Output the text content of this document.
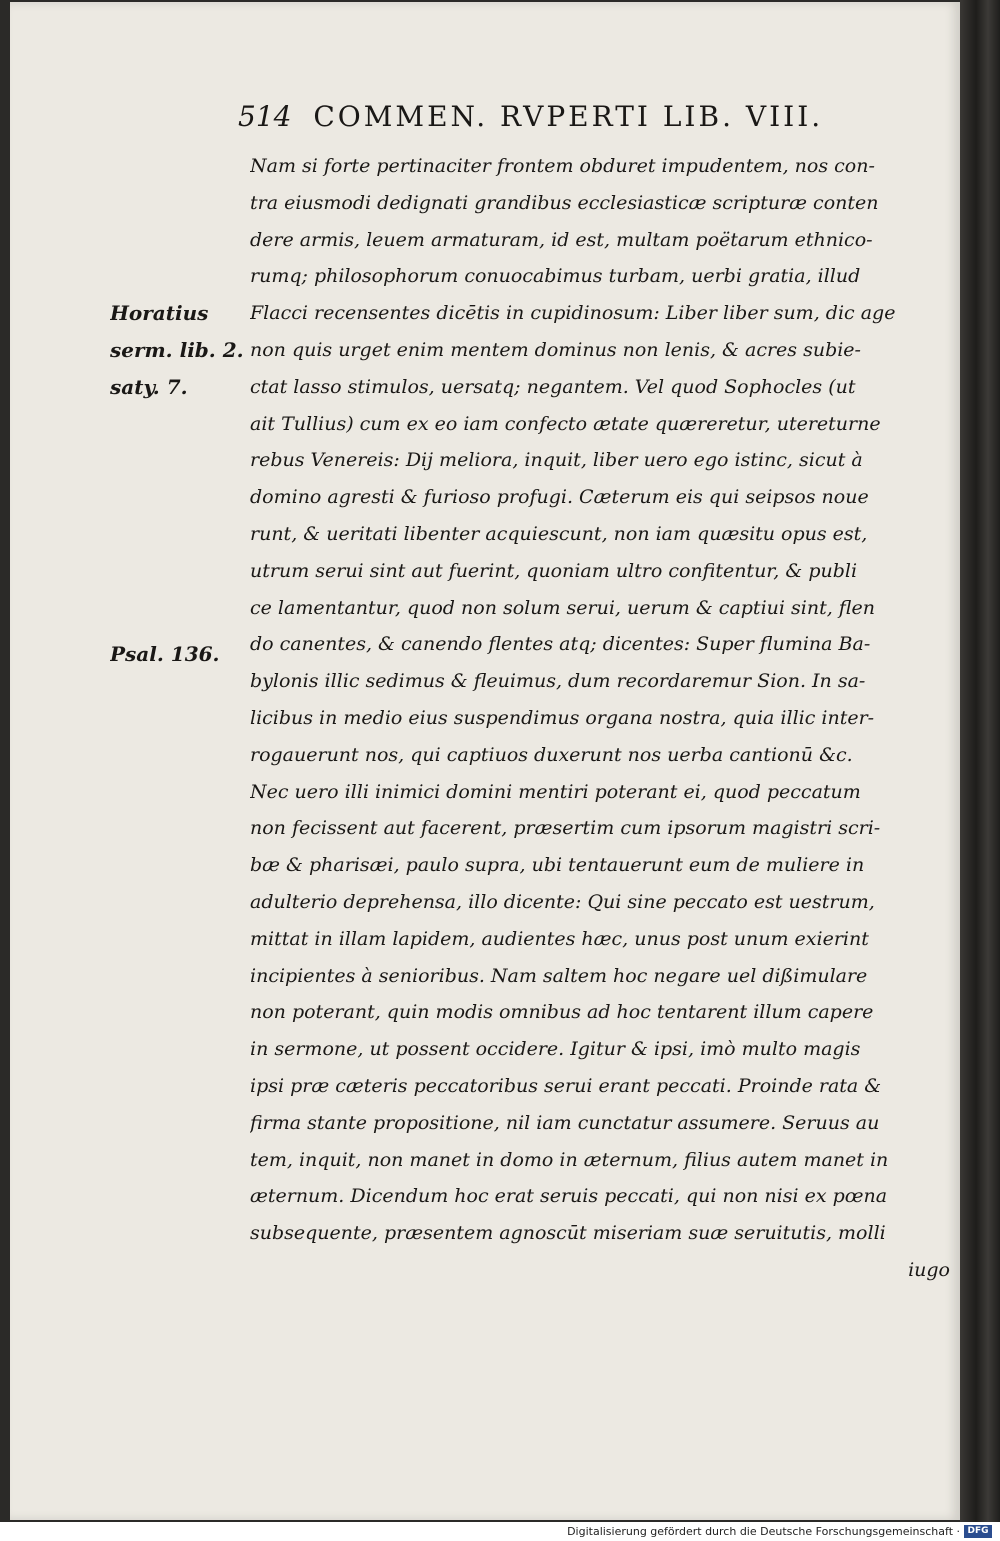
514 COMMEN. RVPERTI LIB. VIII.
Horatius
serm. lib. 2.
saty. 7.
Psal. 136.
Nam si forte pertinaciter frontem obduret impudentem, nos con-
tra eiusmodi dedignati grandibus ecclesiasticæ scripturæ conten
dere armis, leuem armaturam, id est, multam poëtarum ethnico-
rumq; philosophorum conuocabimus turbam, uerbi gratia, illud
Flacci recensentes dicētis in cupidinosum: Liber liber sum, dic age
non quis urget enim mentem dominus non lenis, & acres subie-
ctat lasso stimulos, uersatq; negantem. Vel quod Sophocles (ut
ait Tullius) cum ex eo iam confecto ætate quæreretur, utereturne
rebus Venereis: Dij meliora, inquit, liber uero ego istinc, sicut à
domino agresti & furioso profugi. Cæterum eis qui seipsos noue
runt, & ueritati libenter acquiescunt, non iam quæsitu opus est,
utrum serui sint aut fuerint, quoniam ultro confitentur, & publi
ce lamentantur, quod non solum serui, uerum & captiui sint, flen
do canentes, & canendo flentes atq; dicentes: Super flumina Ba-
bylonis illic sedimus & fleuimus, dum recordaremur Sion. In sa-
licibus in medio eius suspendimus organa nostra, quia illic inter-
rogauerunt nos, qui captiuos duxerunt nos uerba cantionū &c.
Nec uero illi inimici domini mentiri poterant ei, quod peccatum
non fecissent aut facerent, præsertim cum ipsorum magistri scri-
bæ & pharisæi, paulo supra, ubi tentauerunt eum de muliere in
adulterio deprehensa, illo dicente: Qui sine peccato est uestrum,
mittat in illam lapidem, audientes hæc, unus post unum exierint
incipientes à senioribus. Nam saltem hoc negare uel dißimulare
non poterant, quin modis omnibus ad hoc tentarent illum capere
in sermone, ut possent occidere. Igitur & ipsi, imò multo magis
ipsi præ cæteris peccatoribus serui erant peccati. Proinde rata &
firma stante propositione, nil iam cunctatur assumere. Seruus au
tem, inquit, non manet in domo in æternum, filius autem manet in
æternum. Dicendum hoc erat seruis peccati, qui non nisi ex pœna
subsequente, præsentem agnoscūt miseriam suæ seruitutis, molli
iugo
Digitalisierung gefördert durch die Deutsche Forschungsgemeinschaft · DFG
